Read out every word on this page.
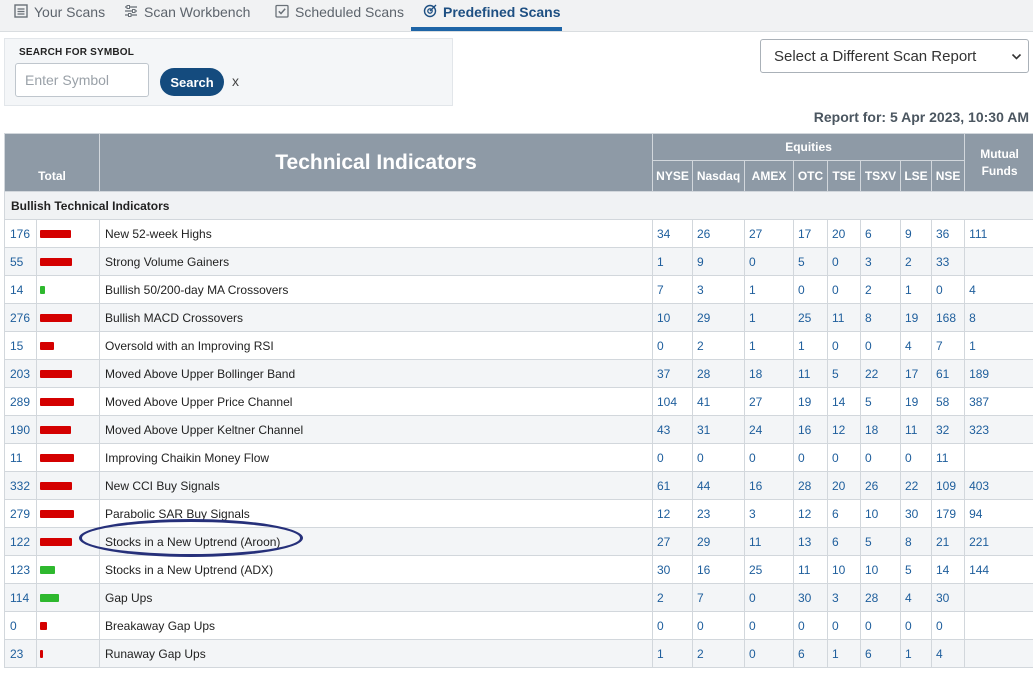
Your Scans	Scan Workbench	Scheduled Scans	Predefined Scans
SEARCH FOR SYMBOL
Enter Symbol
Search	x
Select a Different Scan Report
Report for: 5 Apr 2023, 10:30 AM
Total		Technical Indicators	Equities								Mutual Funds
			NYSE	Nasdaq	AMEX	OTC	TSE	TSXV	LSE	NSE	
Bullish Technical Indicators											
176		New 52-week Highs	34	26	27	17	20	6	9	36	111
55		Strong Volume Gainers	1	9	0	5	0	3	2	33	
14		Bullish 50/200-day MA Crossovers	7	3	1	0	0	2	1	0	4
276		Bullish MACD Crossovers	10	29	1	25	11	8	19	168	8
15		Oversold with an Improving RSI	0	2	1	1	0	0	4	7	1
203		Moved Above Upper Bollinger Band	37	28	18	11	5	22	17	61	189
289		Moved Above Upper Price Channel	104	41	27	19	14	5	19	58	387
190		Moved Above Upper Keltner Channel	43	31	24	16	12	18	11	32	323
11		Improving Chaikin Money Flow	0	0	0	0	0	0	0	11	
332		New CCI Buy Signals	61	44	16	28	20	26	22	109	403
279		Parabolic SAR Buy Signals	12	23	3	12	6	10	30	179	94
122		Stocks in a New Uptrend (Aroon)	27	29	11	13	6	5	8	21	221
123		Stocks in a New Uptrend (ADX)	30	16	25	11	10	10	5	14	144
114		Gap Ups	2	7	0	30	3	28	4	30	
0		Breakaway Gap Ups	0	0	0	0	0	0	0	0	
23		Runaway Gap Ups	1	2	0	6	1	6	1	4	
